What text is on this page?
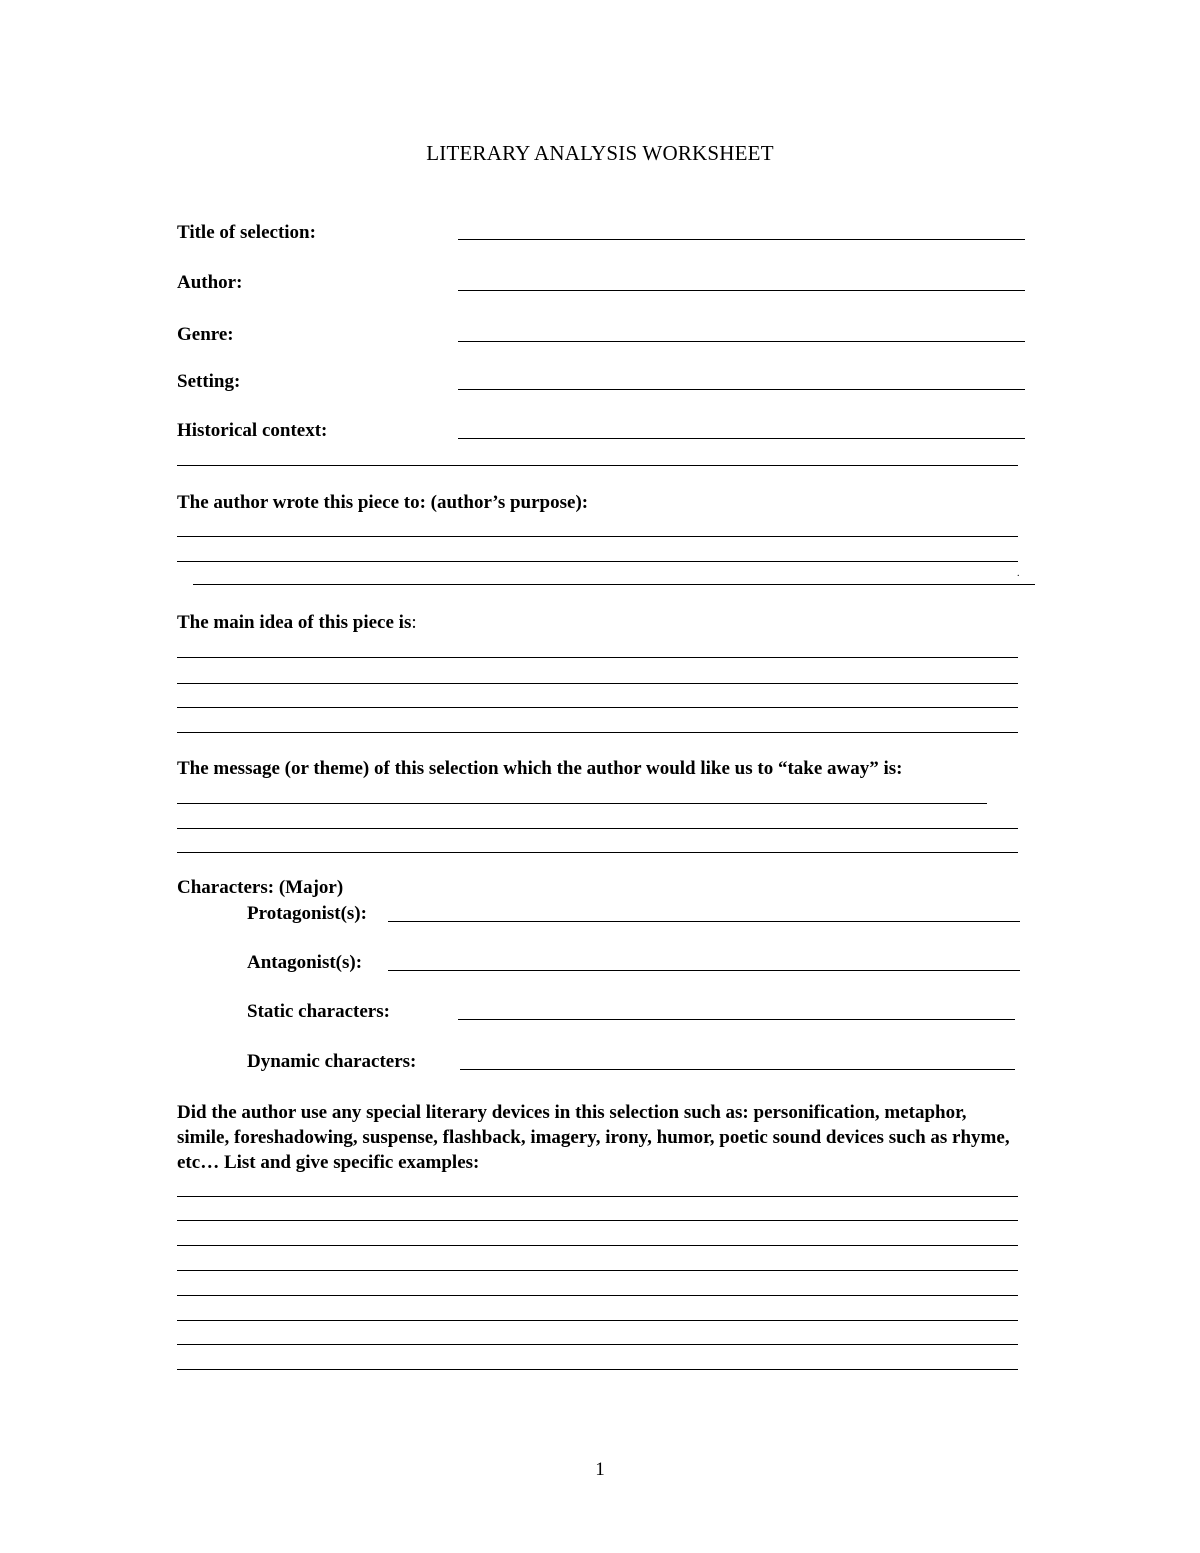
LITERARY ANALYSIS WORKSHEET
Title of selection:
Author:
Genre:
Setting:
Historical context:
The author wrote this piece to: (author’s purpose):
.
The main idea of this piece is:
The message (or theme) of this selection which the author would like us to “take away” is:
Characters: (Major)
Protagonist(s):
Antagonist(s):
Static characters:
Dynamic characters:
Did the author use any special literary devices in this selection such as: personification, metaphor, simile, foreshadowing, suspense, flashback, imagery, irony, humor, poetic sound devices such as rhyme, etc… List and give specific examples:
1
